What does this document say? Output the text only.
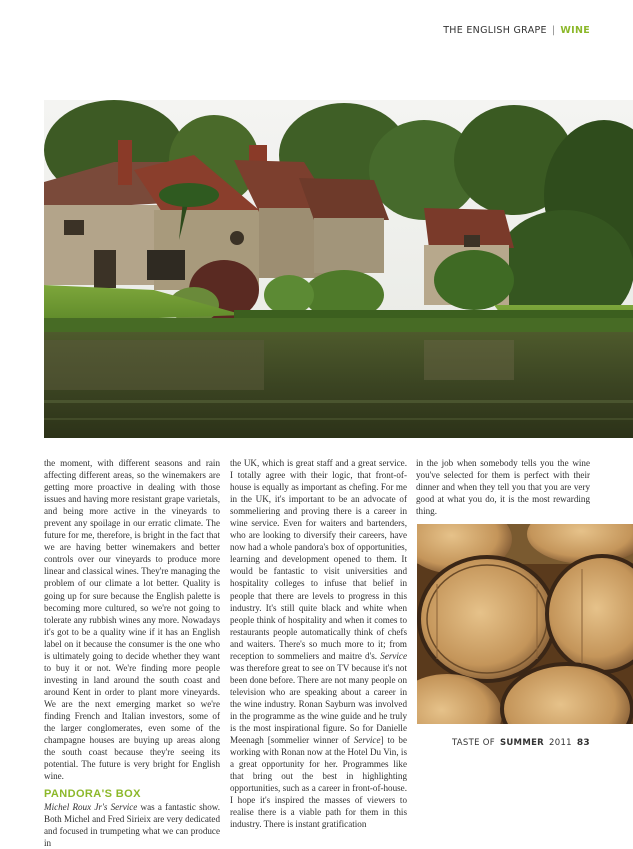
THE ENGLISH GRAPE | WINE

the moment, with different seasons and rain affecting different areas, so the winemakers are getting more proactive in dealing with those issues and having more resistant grape varietals, and being more active in the vineyards to prevent any spoilage in our erratic climate. The future for me, therefore, is bright in the fact that we are having better winemakers and better controls over our vineyards to produce more linear and classical wines. They're managing the problem of our climate a lot better. Quality is going up for sure because the English palette is becoming more cultured, so we're not going to tolerate any rubbish wines any more. Nowadays it's got to be a quality wine if it has an English label on it because the consumer is the one who is ultimately going to decide whether they want to buy it or not. We're finding more people investing in land around the south coast and around Kent in order to plant more vineyards. We are the next emerging market so we're finding French and Italian investors, some of the larger conglomerates, even some of the champagne houses are buying up areas along the south coast because they're seeing its potential. The future is very bright for English wine.

PANDORA'S BOX

Michel Roux Jr's Service was a fantastic show. Both Michel and Fred Sirieix are very dedicated and focused in trumpeting what we can produce in

the UK, which is great staff and a great service. I totally agree with their logic, that front-of-house is equally as important as chefing. For me in the UK, it's important to be an advocate of sommeliering and proving there is a career in wine service. Even for waiters and bartenders, who are looking to diversify their careers, have now had a whole pandora's box of opportunities, learning and development opened to them. It would be fantastic to visit universities and hospitality colleges to infuse that belief in people that there are levels to progress in this industry. It's still quite black and white when people think of hospitality and when it comes to restaurants people automatically think of chefs and waiters. There's so much more to it; from reception to sommeliers and maitre d's. Service was therefore great to see on TV because it's not been done before. There are not many people on television who are speaking about a career in the wine industry. Ronan Sayburn was involved in the programme as the wine guide and he truly is the most inspirational figure. So for Danielle Meenagh [sommelier winner of Service] to be working with Ronan now at the Hotel Du Vin, is a great opportunity for her. Programmes like that bring out the best in highlighting opportunities, such as a career in front-of-house. I hope it's inspired the masses of viewers to realise there is a viable path for them in this industry. There is instant gratification

in the job when somebody tells you the wine you've selected for them is perfect with their dinner and when they tell you that you are very good at what you do, it is the most rewarding thing.

TASTE OF SUMMER 2011 83
